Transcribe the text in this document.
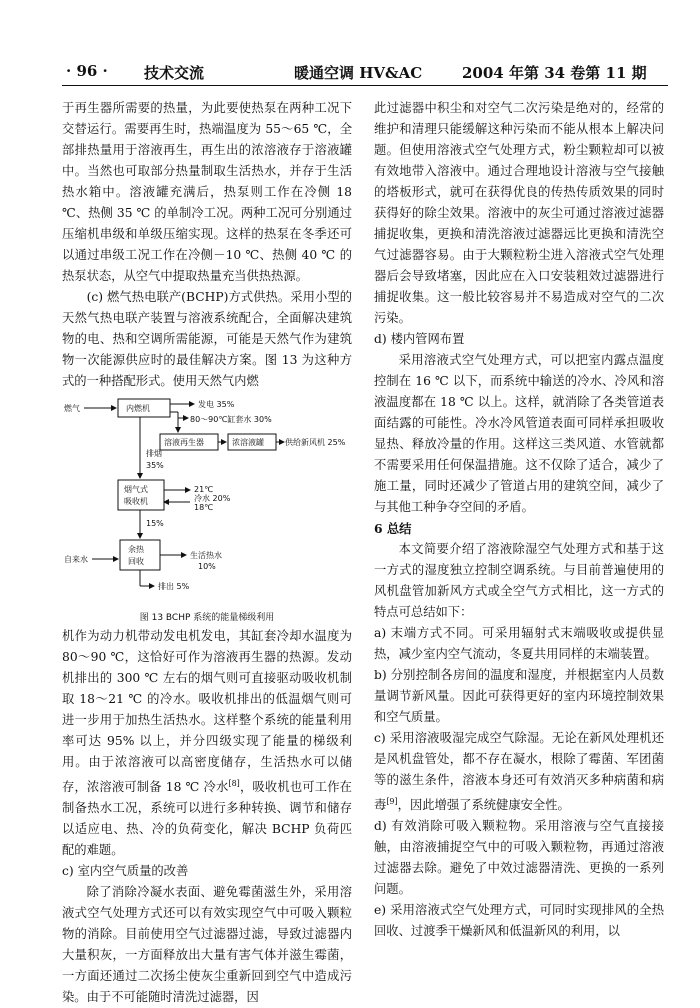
· 96 · 技术交流	暖通空调 HV&AC	2004 年第 34 卷第 11 期

于再生器所需要的热量，为此要使热泵在两种工况下交替运行。需要再生时，热端温度为 55～65 ℃，全部排热量用于溶液再生，再生出的浓溶液存于溶液罐中。当然也可取部分热量制取生活热水，并存于生活热水箱中。溶液罐充满后，热泵则工作在冷侧 18 ℃、热侧 35 ℃ 的单制冷工况。两种工况可分别通过压缩机串级和单级压缩实现。这样的热泵在冬季还可以通过串级工况工作在冷侧－10 ℃、热侧 40 ℃ 的热泵状态，从空气中提取热量充当供热热源。

(c) 燃气热电联产(BCHP)方式供热。采用小型的天然气热电联产装置与溶液系统配合，全面解决建筑物的电、热和空调所需能源，可能是天然气作为建筑物一次能源供应时的最佳解决方案。图 13 为这种方式的一种搭配形式。使用天然气内燃

燃气	内燃机	发电 35%
80～90℃缸套水 30%
溶液再生器	浓溶液罐	供给新风机 25%
排烟
35%
烟气式
吸收机
21℃
冷水 20%
18℃
15%
余热
回收
自来水	生活热水
10%
排出 5%
图 13 BCHP 系统的能量梯级利用

机作为动力机带动发电机发电，其缸套冷却水温度为 80～90 ℃，这恰好可作为溶液再生器的热源。发动机排出的 300 ℃ 左右的烟气则可直接驱动吸收机制取 18～21 ℃ 的冷水。吸收机排出的低温烟气则可进一步用于加热生活热水。这样整个系统的能量利用率可达 95% 以上，并分四级实现了能量的梯级利用。由于浓溶液可以高密度储存，生活热水可以储存，浓溶液可制备 18 ℃ 冷水[8]，吸收机也可工作在制备热水工况，系统可以进行多种转换、调节和储存以适应电、热、冷的负荷变化，解决 BCHP 负荷匹配的难题。

c) 室内空气质量的改善

除了消除冷凝水表面、避免霉菌滋生外，采用溶液式空气处理方式还可以有效实现空气中可吸入颗粒物的消除。目前使用空气过滤器过滤，导致过滤器内大量积灰，一方面释放出大量有害气体并滋生霉菌，一方面还通过二次扬尘使灰尘重新回到空气中造成污染。由于不可能随时清洗过滤器，因

此过滤器中积尘和对空气二次污染是绝对的，经常的维护和清理只能缓解这种污染而不能从根本上解决问题。但使用溶液式空气处理方式，粉尘颗粒却可以被有效地带入溶液中。通过合理地设计溶液与空气接触的塔板形式，就可在获得优良的传热传质效果的同时获得好的除尘效果。溶液中的灰尘可通过溶液过滤器捕捉收集，更换和清洗溶液过滤器远比更换和清洗空气过滤器容易。由于大颗粒粉尘进入溶液式空气处理器后会导致堵塞，因此应在入口安装粗效过滤器进行捕捉收集。这一般比较容易并不易造成对空气的二次污染。

d) 楼内管网布置

采用溶液式空气处理方式，可以把室内露点温度控制在 16 ℃ 以下，而系统中输送的冷水、冷风和溶液温度都在 18 ℃ 以上。这样，就消除了各类管道表面结露的可能性。冷水冷风管道表面可同样承担吸收显热、释放冷量的作用。这样这三类风道、水管就都不需要采用任何保温措施。这不仅除了适合，减少了施工量，同时还减少了管道占用的建筑空间，减少了与其他工种争夺空间的矛盾。

6 总结

本文简要介绍了溶液除湿空气处理方式和基于这一方式的湿度独立控制空调系统。与目前普遍使用的风机盘管加新风方式或全空气方式相比，这一方式的特点可总结如下：

a) 末端方式不同。可采用辐射式末端吸收或提供显热，减少室内空气流动，冬夏共用同样的末端装置。

b) 分别控制各房间的温度和湿度，并根据室内人员数量调节新风量。因此可获得更好的室内环境控制效果和空气质量。

c) 采用溶液吸湿完成空气除湿。无论在新风处理机还是风机盘管处，都不存在凝水，根除了霉菌、军团菌等的滋生条件，溶液本身还可有效消灭多种病菌和病毒[9]，因此增强了系统健康安全性。

d) 有效消除可吸入颗粒物。采用溶液与空气直接接触，由溶液捕捉空气中的可吸入颗粒物，再通过溶液过滤器去除。避免了中效过滤器清洗、更换的一系列问题。

e) 采用溶液式空气处理方式，可同时实现排风的全热回收、过渡季干燥新风和低温新风的利用，以
